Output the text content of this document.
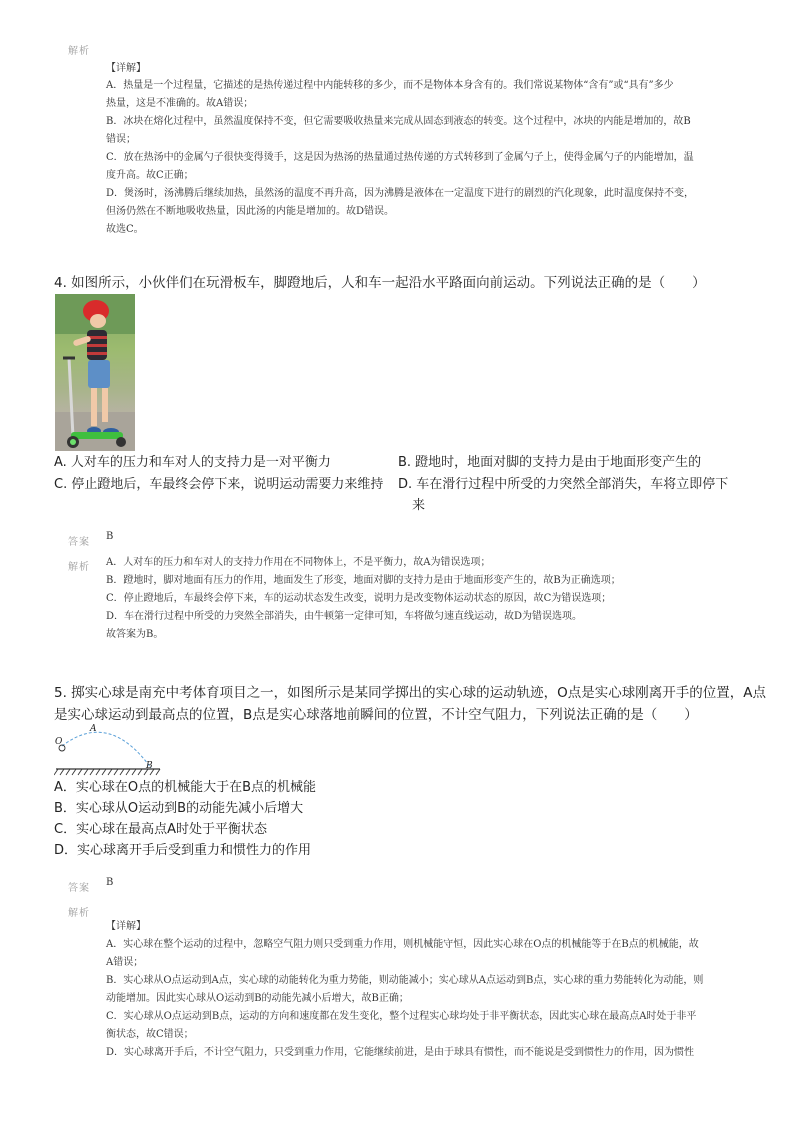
解析
【详解】

A．热量是一个过程量，它描述的是热传递过程中内能转移的多少，而不是物体本身含有的。我们常说某物体“含有”或“具有”多少

热量，这是不准确的。故A错误；

B．冰块在熔化过程中，虽然温度保持不变，但它需要吸收热量来完成从固态到液态的转变。这个过程中，冰块的内能是增加的，故B

错误；

C．放在热汤中的金属勺子很快变得烫手，这是因为热汤的热量通过热传递的方式转移到了金属勺子上，使得金属勺子的内能增加，温

度升高。故C正确；

D．煲汤时，汤沸腾后继续加热，虽然汤的温度不再升高，因为沸腾是液体在一定温度下进行的剧烈的汽化现象，此时温度保持不变，

但汤仍然在不断地吸收热量，因此汤的内能是增加的。故D错误。

故选C。

4. 如图所示，小伙伴们在玩滑板车，脚蹬地后，人和车一起沿水平路面向前运动。下列说法正确的是（　　）
A. 人对车的压力和车对人的支持力是一对平衡力	B. 蹬地时，地面对脚的支持力是由于地面形变产生的
C. 停止蹬地后，车最终会停下来，说明运动需要力来维持 D. 车在滑行过程中所受的力突然全部消失，车将立即停下
来
答案
B
解析 A．人对车的压力和车对人的支持力作用在不同物体上，不是平衡力，故A为错误选项；

B．蹬地时，脚对地面有压力的作用，地面发生了形变，地面对脚的支持力是由于地面形变产生的，故B为正确选项；

C．停止蹬地后，车最终会停下来，车的运动状态发生改变，说明力是改变物体运动状态的原因，故C为错误选项；

D．车在滑行过程中所受的力突然全部消失，由牛顿第一定律可知，车将做匀速直线运动，故D为错误选项。

故答案为B。

5. 掷实心球是南充中考体育项目之一，如图所示是某同学掷出的实心球的运动轨迹，O点是实心球刚离开手的位置，A点
是实心球运动到最高点的位置，B点是实心球落地前瞬间的位置，不计空气阻力，下列说法正确的是（　　）
O
A
B
A．实心球在O点的机械能大于在B点的机械能
B．实心球从O运动到B的动能先减小后增大
C．实心球在最高点A时处于平衡状态
D．实心球离开手后受到重力和惯性力的作用
答案
B
解析
【详解】

A．实心球在整个运动的过程中，忽略空气阻力则只受到重力作用，则机械能守恒，因此实心球在O点的机械能等于在B点的机械能，故

A错误；

B．实心球从O点运动到A点，实心球的动能转化为重力势能，则动能减小；实心球从A点运动到B点，实心球的重力势能转化为动能，则

动能增加。因此实心球从O运动到B的动能先减小后增大，故B正确；

C．实心球从O点运动到B点，运动的方向和速度都在发生变化，整个过程实心球均处于非平衡状态，因此实心球在最高点A时处于非平

衡状态，故C错误；

D．实心球离开手后，不计空气阻力，只受到重力作用，它能继续前进，是由于球具有惯性，而不能说是受到惯性力的作用，因为惯性
